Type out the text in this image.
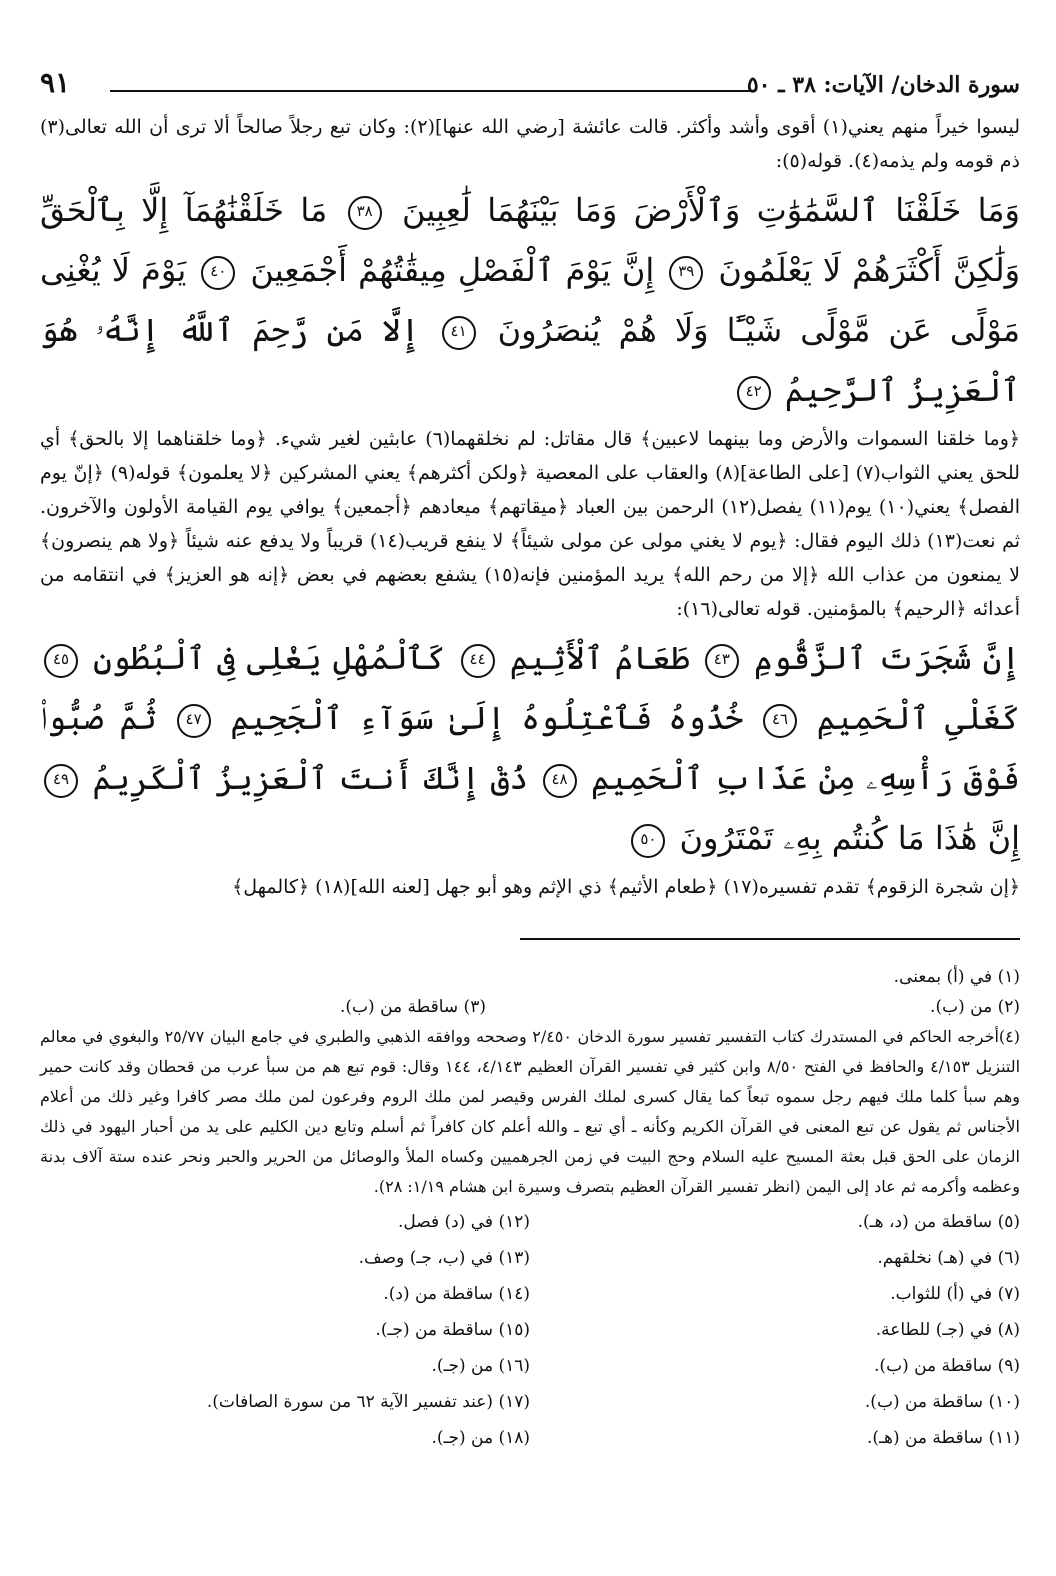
سورة الدخان/ الآيات: ٣٨ ـ ٥٠
٩١

ليسوا خيراً منهم يعني(١) أقوى وأشد وأكثر. قالت عائشة [رضي الله عنها](٢): وكان تبع رجلاً صالحاً ألا ترى أن الله تعالى(٣) ذم قومه ولم يذمه(٤). قوله(٥):

وَمَا خَلَقْنَا ٱلسَّمَٰوَٰتِ وَٱلْأَرْضَ وَمَا بَيْنَهُمَا لَٰعِبِينَ ٣٨ مَا خَلَقْنَٰهُمَآ إِلَّا بِٱلْحَقِّ وَلَٰكِنَّ أَكْثَرَهُمْ لَا يَعْلَمُونَ ٣٩ إِنَّ يَوْمَ ٱلْفَصْلِ مِيقَٰتُهُمْ أَجْمَعِينَ ٤٠ يَوْمَ لَا يُغْنِى مَوْلًى عَن مَّوْلًى شَيْـًٔا وَلَا هُمْ يُنصَرُونَ ٤١ إِلَّا مَن رَّحِمَ ٱللَّهُ إِنَّهُۥ هُوَ ٱلْعَزِيزُ ٱلرَّحِيمُ ٤٢

﴿وما خلقنا السموات والأرض وما بينهما لاعبين﴾ قال مقاتل: لم نخلقهما(٦) عابثين لغير شيء. ﴿وما خلقناهما إلا بالحق﴾ أي للحق يعني الثواب(٧) [على الطاعة](٨) والعقاب على المعصية ﴿ولكن أكثرهم﴾ يعني المشركين ﴿لا يعلمون﴾ قوله(٩) ﴿إنّ يوم الفصل﴾ يعني(١٠) يوم(١١) يفصل(١٢) الرحمن بين العباد ﴿ميقاتهم﴾ ميعادهم ﴿أجمعين﴾ يوافي يوم القيامة الأولون والآخرون. ثم نعت(١٣) ذلك اليوم فقال: ﴿يوم لا يغني مولى عن مولى شيئاً﴾ لا ينفع قريب(١٤) قريباً ولا يدفع عنه شيئاً ﴿ولا هم ينصرون﴾ لا يمنعون من عذاب الله ﴿إلا من رحم الله﴾ يريد المؤمنين فإنه(١٥) يشفع بعضهم في بعض ﴿إنه هو العزيز﴾ في انتقامه من أعدائه ﴿الرحيم﴾ بالمؤمنين. قوله تعالى(١٦):

إِنَّ شَجَرَتَ ٱلزَّقُّومِ ٤٣ طَعَامُ ٱلْأَثِيمِ ٤٤ كَٱلْمُهْلِ يَغْلِى فِى ٱلْبُطُونِ ٤٥ كَغَلْىِ ٱلْحَمِيمِ ٤٦ خُذُوهُ فَٱعْتِلُوهُ إِلَىٰ سَوَآءِ ٱلْجَحِيمِ ٤٧ ثُمَّ صُبُّوا۟ فَوْقَ رَأْسِهِۦ مِنْ عَذَابِ ٱلْحَمِيمِ ٤٨ ذُقْ إِنَّكَ أَنتَ ٱلْعَزِيزُ ٱلْكَرِيمُ ٤٩ إِنَّ هَٰذَا مَا كُنتُم بِهِۦ تَمْتَرُونَ ٥٠

﴿إن شجرة الزقوم﴾ تقدم تفسيره(١٧) ﴿طعام الأثيم﴾ ذي الإثم وهو أبو جهل [لعنه الله](١٨) ﴿كالمهل﴾

(١) في (أ) بمعنى.

(٢) من (ب).

(٣) ساقطة من (ب).

(٤)أخرجه الحاكم في المستدرك كتاب التفسير تفسير سورة الدخان ٢/٤٥٠ وصححه ووافقه الذهبي والطبري في جامع البيان ٢٥/٧٧ والبغوي في معالم التنزيل ٤/١٥٣ والحافظ في الفتح ٨/٥٠ وابن كثير في تفسير القرآن العظيم ٤/١٤٣، ١٤٤ وقال: قوم تبع هم من سبأ عرب من قحطان وقد كانت حمير وهم سبأ كلما ملك فيهم رجل سموه تبعاً كما يقال كسرى لملك الفرس وقيصر لمن ملك الروم وفرعون لمن ملك مصر كافرا وغير ذلك من أعلام الأجناس ثم يقول عن تبع المعنى في القرآن الكريم وكأنه ـ أي تبع ـ والله أعلم كان كافراً ثم أسلم وتابع دين الكليم على يد من أحبار اليهود في ذلك الزمان على الحق قبل بعثة المسيح عليه السلام وحج البيت في زمن الجرهميين وكساه الملأ والوصائل من الحرير والحبر ونحر عنده ستة آلاف بدنة وعظمه وأكرمه ثم عاد إلى اليمن (انظر تفسير القرآن العظيم بتصرف وسيرة ابن هشام ١/١٩: ٢٨).

(٥) ساقطة من (د، هـ).

(٦) في (هـ) نخلقهم.

(٧) في (أ) للثواب.

(٨) في (جـ) للطاعة.

(٩) ساقطة من (ب).

(١٠) ساقطة من (ب).

(١١) ساقطة من (هـ).

(١٢) في (د) فصل.

(١٣) في (ب، جـ) وصف.

(١٤) ساقطة من (د).

(١٥) ساقطة من (جـ).

(١٦) من (جـ).

(١٧) (عند تفسير الآية ٦٢ من سورة الصافات).

(١٨) من (جـ).
